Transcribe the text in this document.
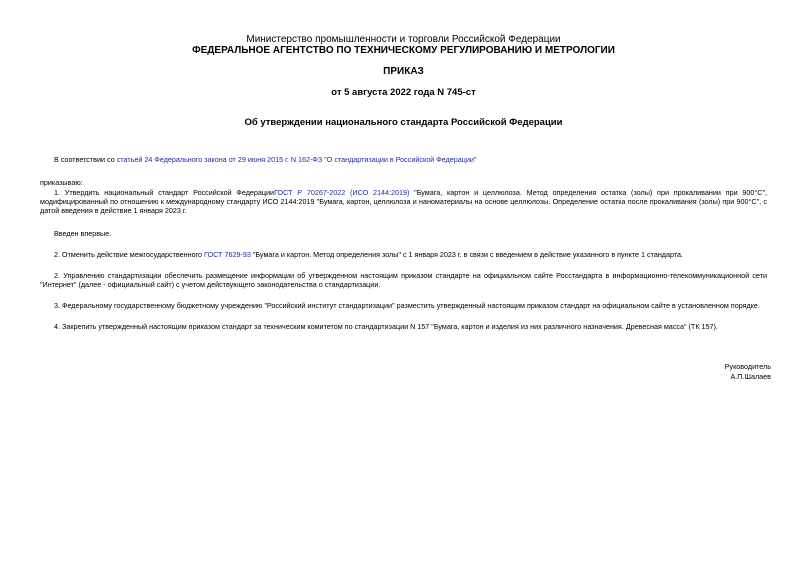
Министерство промышленности и торговли Российской Федерации
ФЕДЕРАЛЬНОЕ АГЕНТСТВО ПО ТЕХНИЧЕСКОМУ РЕГУЛИРОВАНИЮ И МЕТРОЛОГИИ
ПРИКАЗ
от 5 августа 2022 года N 745-ст
Об утверждении национального стандарта Российской Федерации
В соответствии со статьей 24 Федерального закона от 29 июня 2015 г. N 162-ФЗ "О стандартизации в Российской Федерации"
приказываю:
1. Утвердить национальный стандарт Российской ФедерацииГОСТ Р 70267-2022 (ИСО 2144:2019) "Бумага, картон и целлюлоза. Метод определения остатка (золы) при прокаливании при 900°С", модифицированный по отношению к международному стандарту ИСО 2144:2019 "Бумага, картон, целлюлоза и наноматериалы на основе целлюлозы. Определение остатка после прокаливания (золы) при 900°С", с датой введения в действие 1 января 2023 г.
Введен впервые.
2. Отменить действие межгосударственного ГОСТ 7629-93 "Бумага и картон. Метод определения золы" с 1 января 2023 г. в связи с введением в действие указанного в пункте 1 стандарта.
2. Управлению стандартизации обеспечить размещение информации об утвержденном настоящим приказом стандарте на официальном сайте Росстандарта в информационно-телекоммуникационной сети "Интернет" (далее - официальный сайт) с учетом действующего законодательства о стандартизации.
3. Федеральному государственному бюджетному учреждению "Российский институт стандартизации" разместить утвержденный настоящим приказом стандарт на официальном сайте в установленном порядке.
4. Закрепить утвержденный настоящим приказом стандарт за техническим комитетом по стандартизации N 157 "Бумага, картон и изделия из них различного назначения. Древесная масса" (ТК 157).
Руководитель
А.П.Шалаев
